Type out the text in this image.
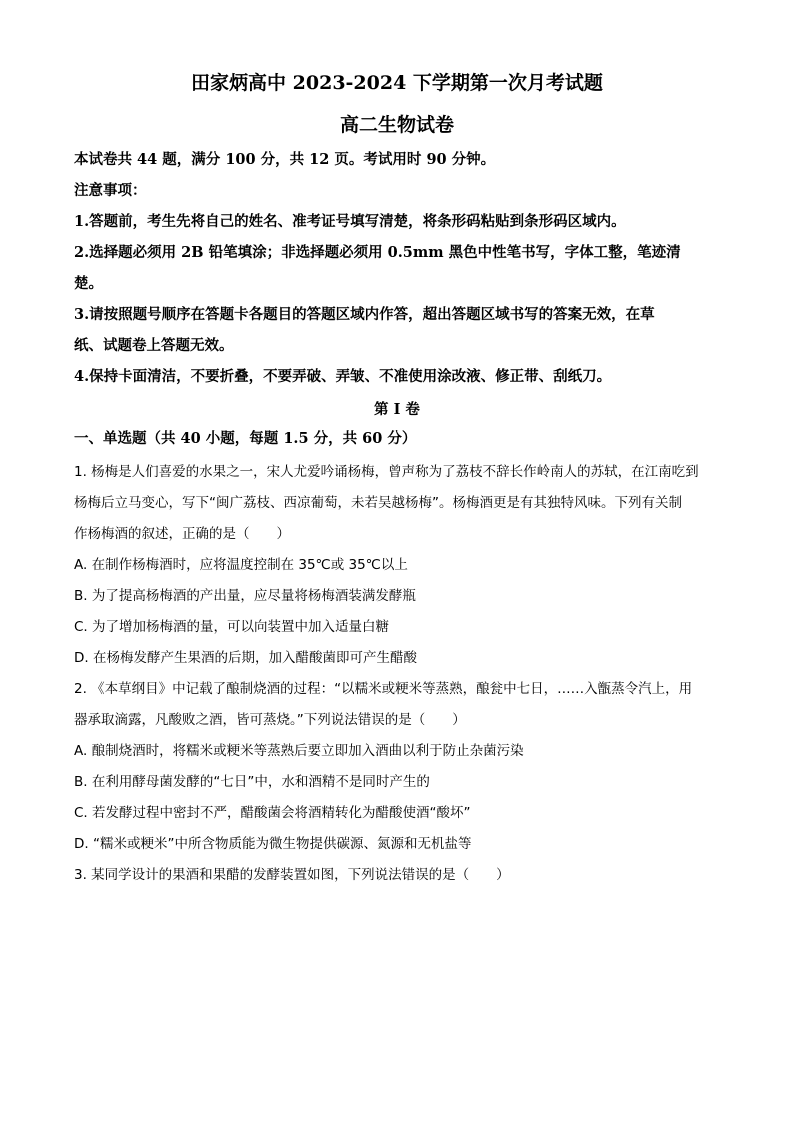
田家炳高中 2023-2024 下学期第一次月考试题
高二生物试卷
本试卷共 44 题，满分 100 分，共 12 页。考试用时 90 分钟。
注意事项：
1.答题前，考生先将自己的姓名、准考证号填写清楚，将条形码粘贴到条形码区域内。
2.选择题必须用 2B 铅笔填涂；非选择题必须用 0.5mm 黑色中性笔书写，字体工整，笔迹清
楚。
3.请按照题号顺序在答题卡各题目的答题区域内作答，超出答题区域书写的答案无效，在草
纸、试题卷上答题无效。
4.保持卡面清洁，不要折叠，不要弄破、弄皱、不准使用涂改液、修正带、刮纸刀。
第 I 卷
一、单选题（共 40 小题，每题 1.5 分，共 60 分）
1. 杨梅是人们喜爱的水果之一，宋人尤爱吟诵杨梅，曾声称为了荔枝不辞长作岭南人的苏轼，在江南吃到
杨梅后立马变心，写下“闽广荔枝、西凉葡萄，未若吴越杨梅”。杨梅酒更是有其独特风味。下列有关制
作杨梅酒的叙述，正确的是（　　）
A. 在制作杨梅酒时，应将温度控制在 35℃或 35℃以上
B. 为了提高杨梅酒的产出量，应尽量将杨梅酒装满发酵瓶
C. 为了增加杨梅酒的量，可以向装置中加入适量白糖
D. 在杨梅发酵产生果酒的后期，加入醋酸菌即可产生醋酸
2. 《本草纲目》中记载了酿制烧酒的过程：“以糯米或粳米等蒸熟，酿瓮中七日，……入甑蒸令汽上，用
器承取滴露，凡酸败之酒，皆可蒸烧。”下列说法错误的是（　　）
A. 酿制烧酒时，将糯米或粳米等蒸熟后要立即加入酒曲以利于防止杂菌污染
B. 在利用酵母菌发酵的“七日”中，水和酒精不是同时产生的
C. 若发酵过程中密封不严，醋酸菌会将酒精转化为醋酸使酒“酸坏”
D. “糯米或粳米”中所含物质能为微生物提供碳源、氮源和无机盐等
3. 某同学设计的果酒和果醋的发酵装置如图，下列说法错误的是（　　）
